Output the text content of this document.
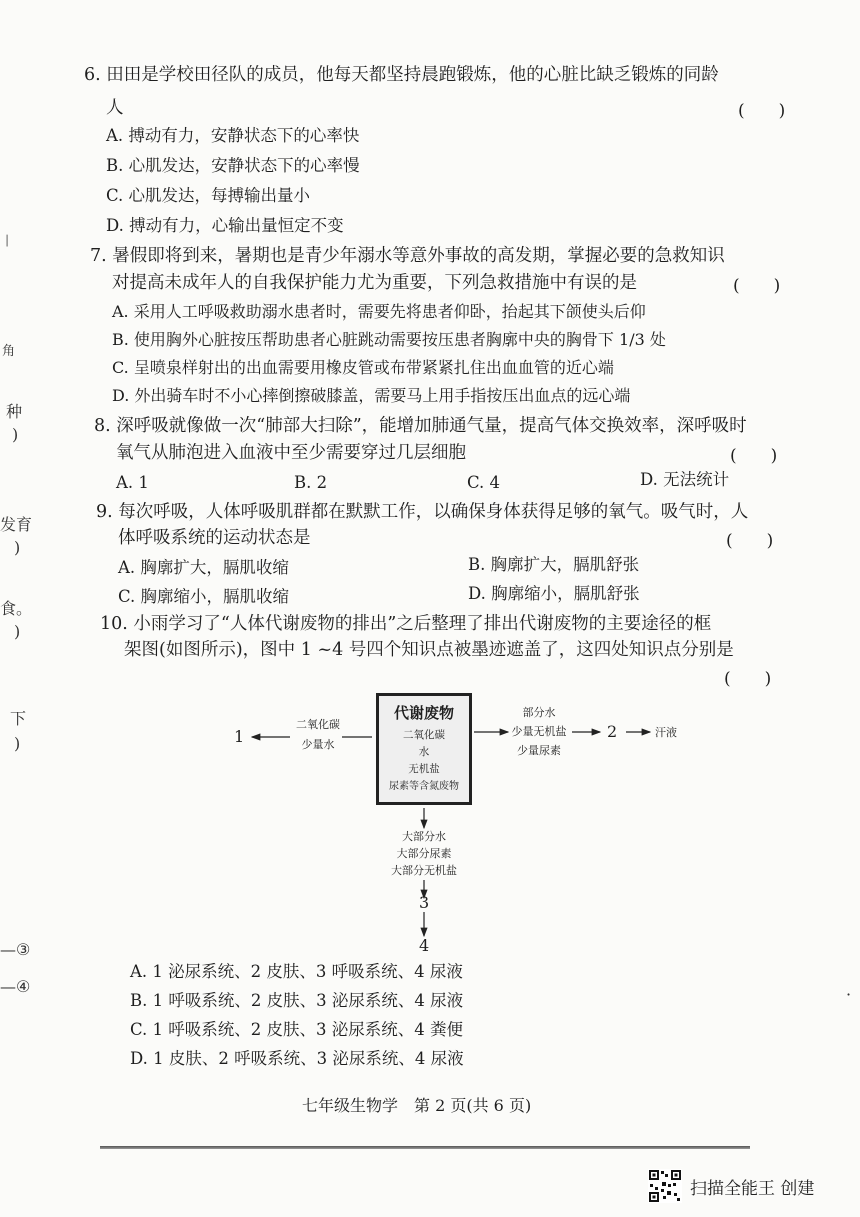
│
角
种
)
发育
)
食。
)
下
)
—③
—④	·
6. 田田是学校田径队的成员，他每天都坚持晨跑锻炼，他的心脏比缺乏锻炼的同龄
人	(　　)
A. 搏动有力，安静状态下的心率快
B. 心肌发达，安静状态下的心率慢
C. 心肌发达，每搏输出量小
D. 搏动有力，心输出量恒定不变
7. 暑假即将到来，暑期也是青少年溺水等意外事故的高发期，掌握必要的急救知识
对提高未成年人的自我保护能力尤为重要，下列急救措施中有误的是	(　　)
A. 采用人工呼吸救助溺水患者时，需要先将患者仰卧，抬起其下颌使头后仰
B. 使用胸外心脏按压帮助患者心脏跳动需要按压患者胸廓中央的胸骨下 1/3 处
C. 呈喷泉样射出的出血需要用橡皮管或布带紧紧扎住出血血管的近心端
D. 外出骑车时不小心摔倒擦破膝盖，需要马上用手指按压出血点的远心端
8. 深呼吸就像做一次“肺部大扫除”，能增加肺通气量，提高气体交换效率，深呼吸时
氧气从肺泡进入血液中至少需要穿过几层细胞	(　　)
A. 1	B. 2	C. 4	D. 无法统计
9. 每次呼吸，人体呼吸肌群都在默默工作，以确保身体获得足够的氧气。吸气时，人
体呼吸系统的运动状态是	(　　)
A. 胸廓扩大，膈肌收缩	B. 胸廓扩大，膈肌舒张
C. 胸廓缩小，膈肌收缩	D. 胸廓缩小，膈肌舒张
10. 小雨学习了“人体代谢废物的排出”之后整理了排出代谢废物的主要途径的框
架图(如图所示)，图中 1 ~4 号四个知识点被墨迹遮盖了，这四处知识点分别是
(　　)
代谢废物
二氧化碳
水
无机盐
尿素等含氮废物
1
二氧化碳
少量水
部分水
少量无机盐
少量尿素
2	汗液
大部分水
大部分尿素
大部分无机盐
3
4
A. 1 泌尿系统、2 皮肤、3 呼吸系统、4 尿液
B. 1 呼吸系统、2 皮肤、3 泌尿系统、4 尿液
C. 1 呼吸系统、2 皮肤、3 泌尿系统、4 粪便
D. 1 皮肤、2 呼吸系统、3 泌尿系统、4 尿液
七年级生物学　第 2 页(共 6 页)
扫描全能王 创建
